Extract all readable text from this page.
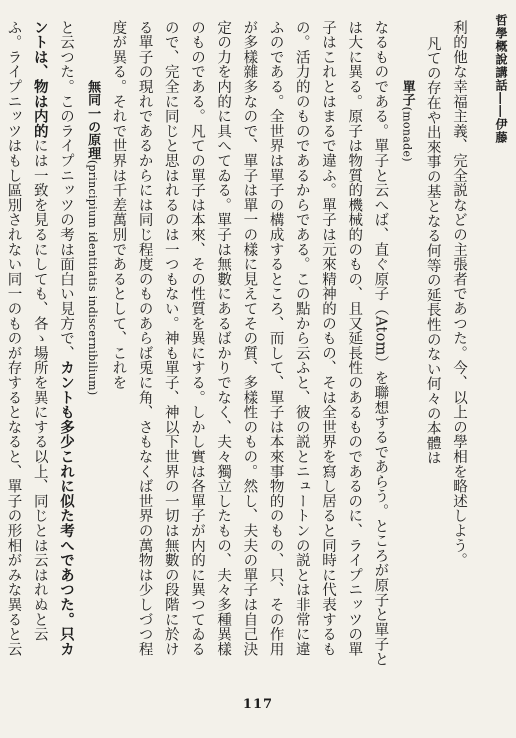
哲學概說講話――伊藤

利的他な幸福主義、完全説などの主張者であつた。今、以上の學相を略述しよう。

凡ての存在や出來事の基となる何等の延長性のない何々の本體は

單子(monade)

なるものである。單子と云へば、直ぐ原子（Atom）を聯想するであらう。ところが原子と單子とは大に異る。原子は物質的機械的のもの、且又延長性のあるものであるのに、ライプニッツの單子はこれとはまるで違ふ。單子は元來精神的のもの、そは全世界を寫し居ると同時に代表するもの。活力的のものであるからである。この點から云ふと、彼の説とニュートンの説とは非常に違ふのである。全世界は單子の構成するところ、而して、單子は本來事物的のもの、只、その作用が多樣雜多なので、單子は單一の樣に見えてその質、多樣性のもの。然し、夫夫の單子は自己決定の力を内的に具へてゐる。單子は無數にあるばかりでなく、夫々獨立したもの、夫々多種異樣のものである。凡ての單子は本來、その性質を異にする。しかし實は各單子が内的に異つてゐるので、完全に同じと思はれるのは一つもない。神も單子、神以下世界の一切は無數の段階に於ける單子の現れであるからには同じ程度のものあらば兎に角、さもなくば世界の萬物は少しづつ程度が異る。それで世界は千差萬別であるとして、これを

無同一の原理(principium identitatis indiscernibilium)

と云つた。このライプニッツの考は面白い見方で、カントも多少これに似た考へであつた。只カントは、物は内的には一致を見るにしても、各ゝ場所を異にする以上、同じとは云はれぬと云ふ。ライプニッツはもし區別されない同一のものが存するとなると、單子の形相がみな異ると云

117
